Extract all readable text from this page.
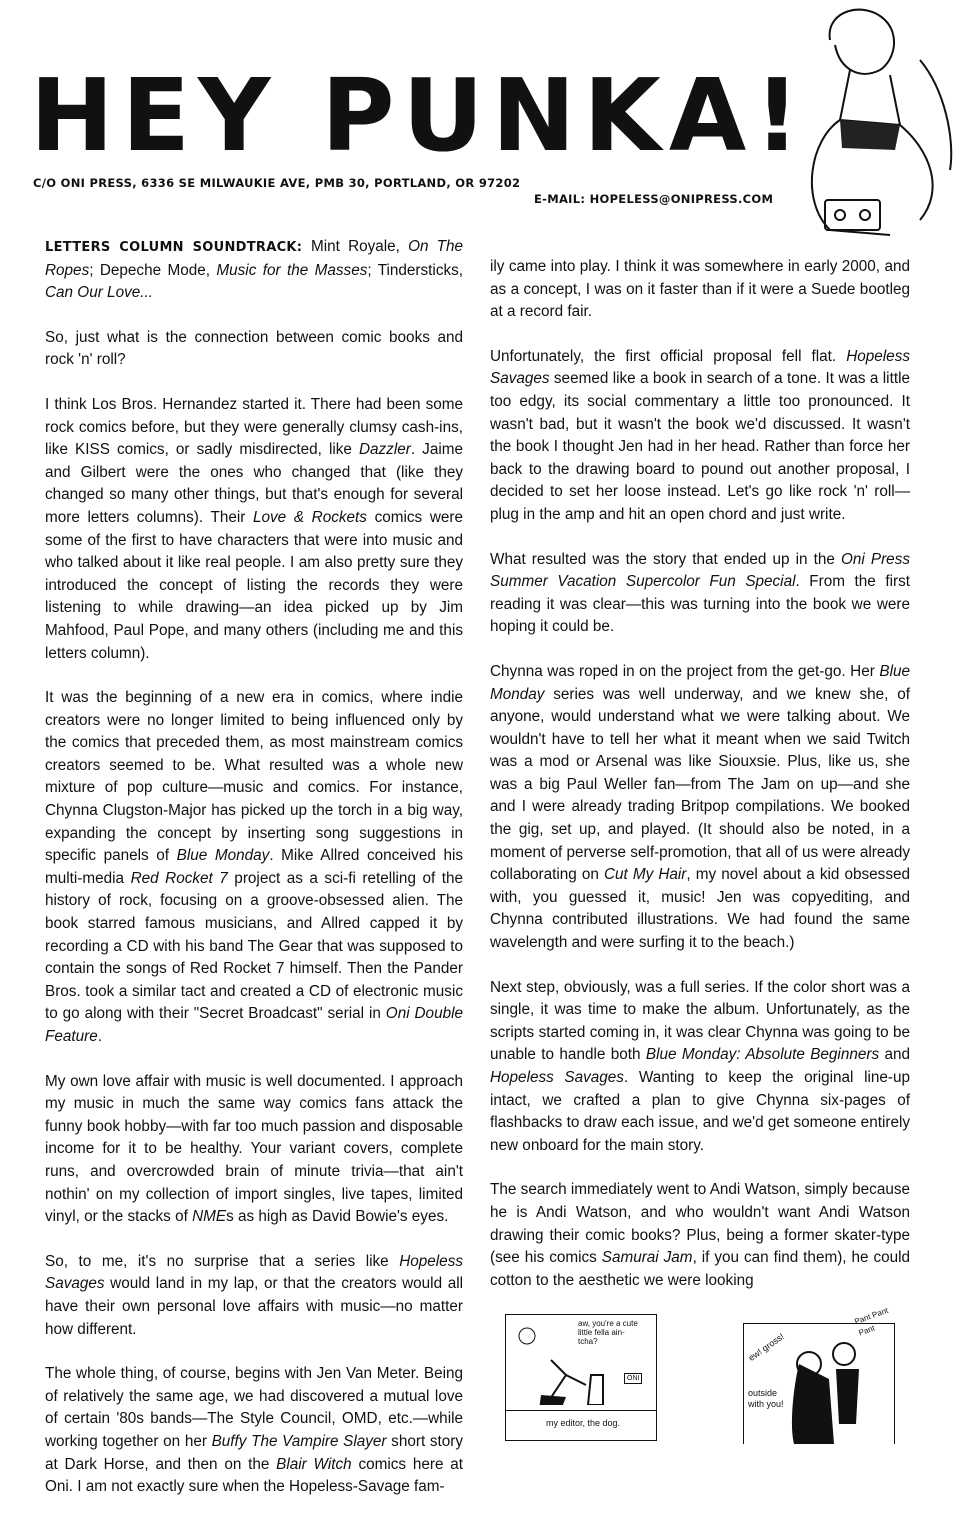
HEY PUNKA!
C/O ONI PRESS, 6336 SE MILWAUKIE AVE, PMB 30, PORTLAND, OR 97202
E-MAIL: HOPELESS@ONIPRESS.COM

LETTERS COLUMN SOUNDTRACK: Mint Royale, On The Ropes; Depeche Mode, Music for the Masses; Tindersticks, Can Our Love...

So, just what is the connection between comic books and rock 'n' roll?

I think Los Bros. Hernandez started it. There had been some rock comics before, but they were generally clumsy cash-ins, like KISS comics, or sadly misdirected, like Dazzler. Jaime and Gilbert were the ones who changed that (like they changed so many other things, but that's enough for several more letters columns). Their Love & Rockets comics were some of the first to have characters that were into music and who talked about it like real people. I am also pretty sure they introduced the concept of listing the records they were listening to while drawing—an idea picked up by Jim Mahfood, Paul Pope, and many others (including me and this letters column).

It was the beginning of a new era in comics, where indie creators were no longer limited to being influenced only by the comics that preceded them, as most mainstream comics creators seemed to be. What resulted was a whole new mixture of pop culture—music and comics. For instance, Chynna Clugston-Major has picked up the torch in a big way, expanding the concept by inserting song suggestions in specific panels of Blue Monday. Mike Allred conceived his multi-media Red Rocket 7 project as a sci-fi retelling of the history of rock, focusing on a groove-obsessed alien. The book starred famous musicians, and Allred capped it by recording a CD with his band The Gear that was supposed to contain the songs of Red Rocket 7 himself. Then the Pander Bros. took a similar tact and created a CD of electronic music to go along with their "Secret Broadcast" serial in Oni Double Feature.

My own love affair with music is well documented. I approach my music in much the same way comics fans attack the funny book hobby—with far too much passion and disposable income for it to be healthy. Your variant covers, complete runs, and overcrowded brain of minute trivia—that ain't nothin' on my collection of import singles, live tapes, limited vinyl, or the stacks of NMEs as high as David Bowie's eyes.

So, to me, it's no surprise that a series like Hopeless Savages would land in my lap, or that the creators would all have their own personal love affairs with music—no matter how different.

The whole thing, of course, begins with Jen Van Meter. Being of relatively the same age, we had discovered a mutual love of certain '80s bands—The Style Council, OMD, etc.—while working together on her Buffy The Vampire Slayer short story at Dark Horse, and then on the Blair Witch comics here at Oni. I am not exactly sure when the Hopeless-Savage fam-

ily came into play. I think it was somewhere in early 2000, and as a concept, I was on it faster than if it were a Suede bootleg at a record fair.

Unfortunately, the first official proposal fell flat. Hopeless Savages seemed like a book in search of a tone. It was a little too edgy, its social commentary a little too pronounced. It wasn't bad, but it wasn't the book we'd discussed. It wasn't the book I thought Jen had in her head. Rather than force her back to the drawing board to pound out another proposal, I decided to set her loose instead. Let's go like rock 'n' roll—plug in the amp and hit an open chord and just write.

What resulted was the story that ended up in the Oni Press Summer Vacation Supercolor Fun Special. From the first reading it was clear—this was turning into the book we were hoping it could be.

Chynna was roped in on the project from the get-go. Her Blue Monday series was well underway, and we knew she, of anyone, would understand what we were talking about. We wouldn't have to tell her what it meant when we said Twitch was a mod or Arsenal was like Siouxsie. Plus, like us, she was a big Paul Weller fan—from The Jam on up—and she and I were already trading Britpop compilations. We booked the gig, set up, and played. (It should also be noted, in a moment of perverse self-promotion, that all of us were already collaborating on Cut My Hair, my novel about a kid obsessed with, you guessed it, music! Jen was copyediting, and Chynna contributed illustrations. We had found the same wavelength and were surfing it to the beach.)

Next step, obviously, was a full series. If the color short was a single, it was time to make the album. Unfortunately, as the scripts started coming in, it was clear Chynna was going to be unable to handle both Blue Monday: Absolute Beginners and Hopeless Savages. Wanting to keep the original line-up intact, we crafted a plan to give Chynna six-pages of flashbacks to draw each issue, and we'd get someone entirely new onboard for the main story.

The search immediately went to Andi Watson, simply because he is Andi Watson, and who wouldn't want Andi Watson drawing their comic books? Plus, being a former skater-type (see his comics Samurai Jam, if you can find them), he could cotton to the aesthetic we were looking

aw, you're a cute little fella ain-tcha?
ONI
my editor, the dog.
ew! gross!
outside with you!
Pant Pant Pant
